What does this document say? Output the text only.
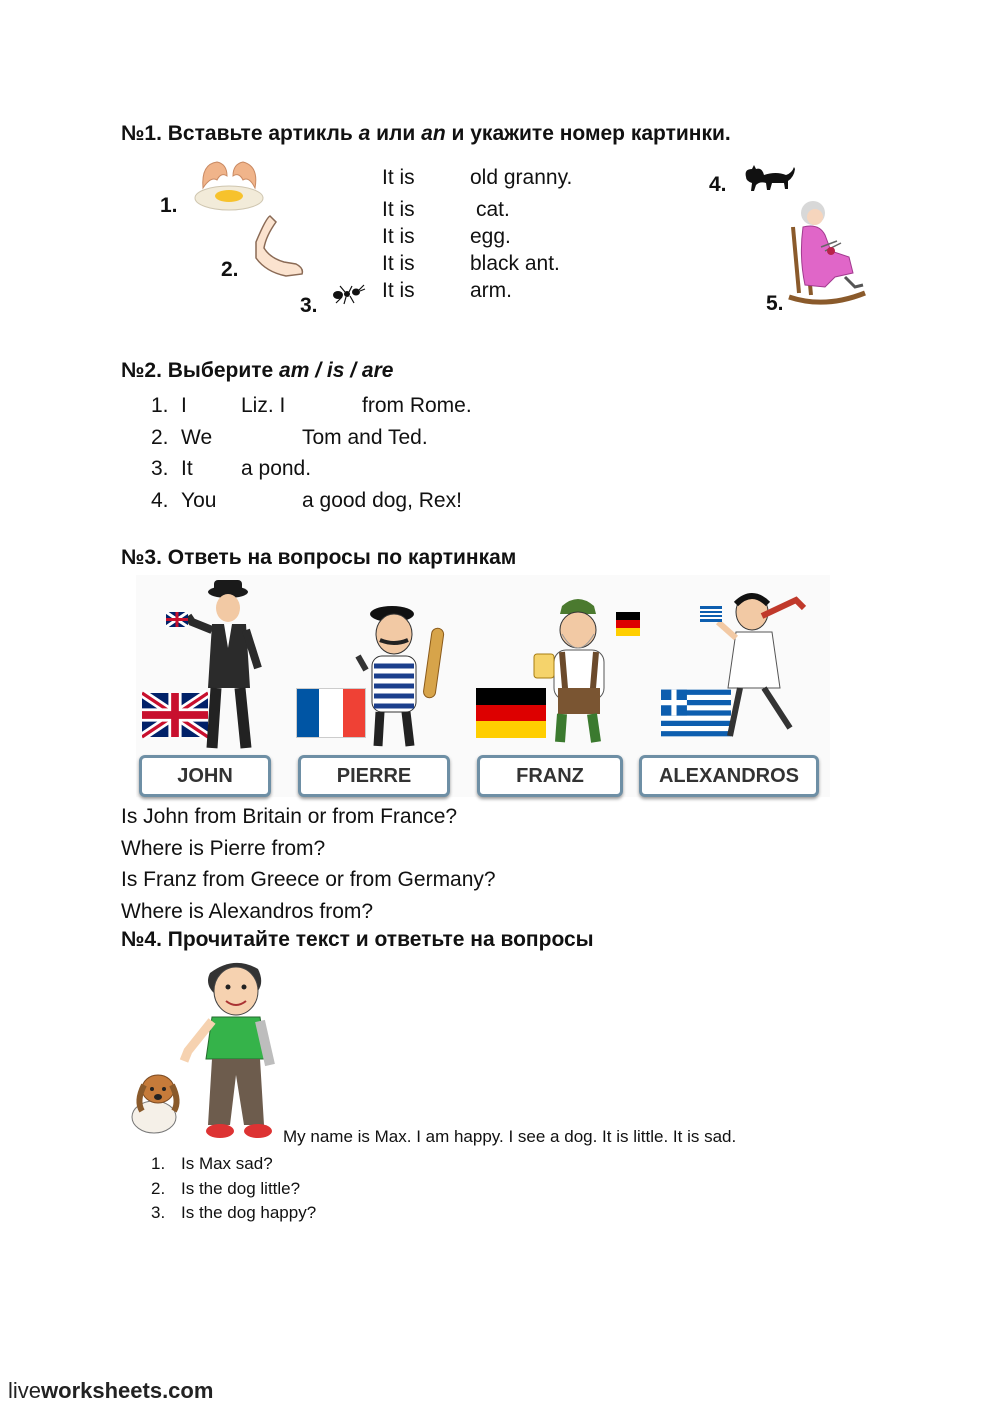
№1. Вставьте артикль a или an и укажите номер картинки.
1.
2.
3.
4.
5.
It is	old granny.
It is	cat.
It is	egg.
It is	black ant.
It is	arm.
№2. Выберите am / is / are
1. I	Liz. I	from Rome.
2. We	Tom and Ted.
3. It a pond.
4. You	a good dog, Rex!
№3. Ответь на вопросы по картинкам
JOHN	PIERRE	FRANZ	ALEXANDROS
Is John from Britain or from France?
Where is Pierre from?
Is Franz from Greece or from Germany?
Where is Alexandros from?
№4. Прочитайте текст и ответьте на вопросы
My name is Max. I am happy. I see a dog. It is little. It is sad.
1. Is Max sad?
2. Is the dog little?
3. Is the dog happy?
liveworksheets.com
